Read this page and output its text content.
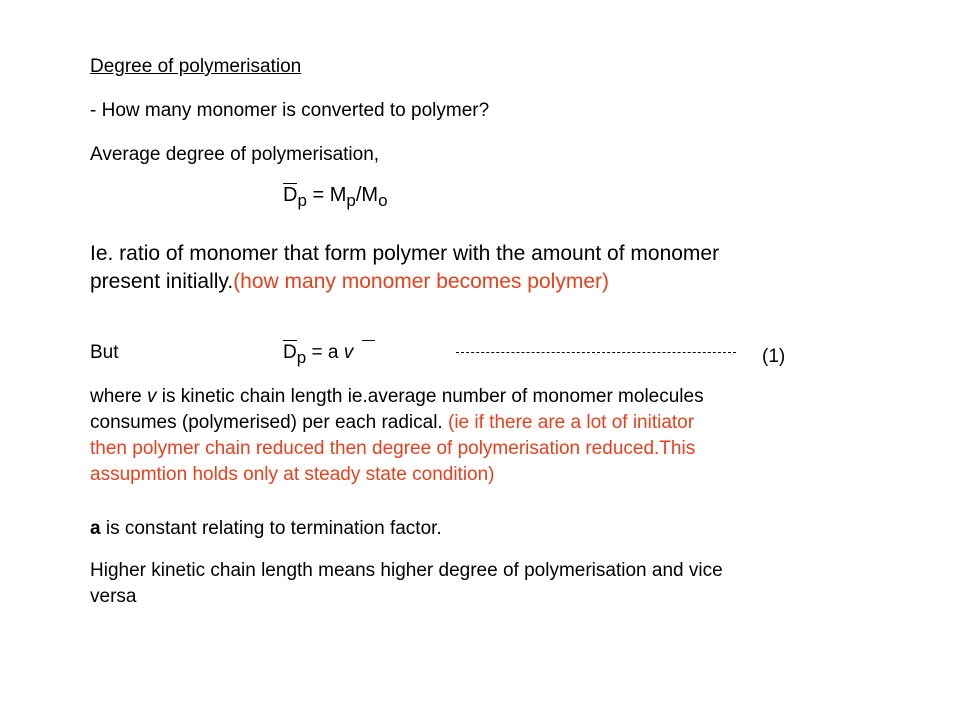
Degree of polymerisation
- How many monomer is converted to polymer?
Average degree of polymerisation,
$D_p = M_p/M_o$
Ie. ratio of monomer that form polymer with the amount of monomer
present initially.(how many monomer becomes polymer)
But	Dp = a v	(1)
where v is kinetic chain length ie.average number of monomer molecules
consumes (polymerised) per each radical. (ie if there are a lot of initiator
then polymer chain reduced then degree of polymerisation reduced.This
assupmtion holds only at steady state condition)
a is constant relating to termination factor.
Higher kinetic chain length means higher degree of polymerisation and vice
versa
